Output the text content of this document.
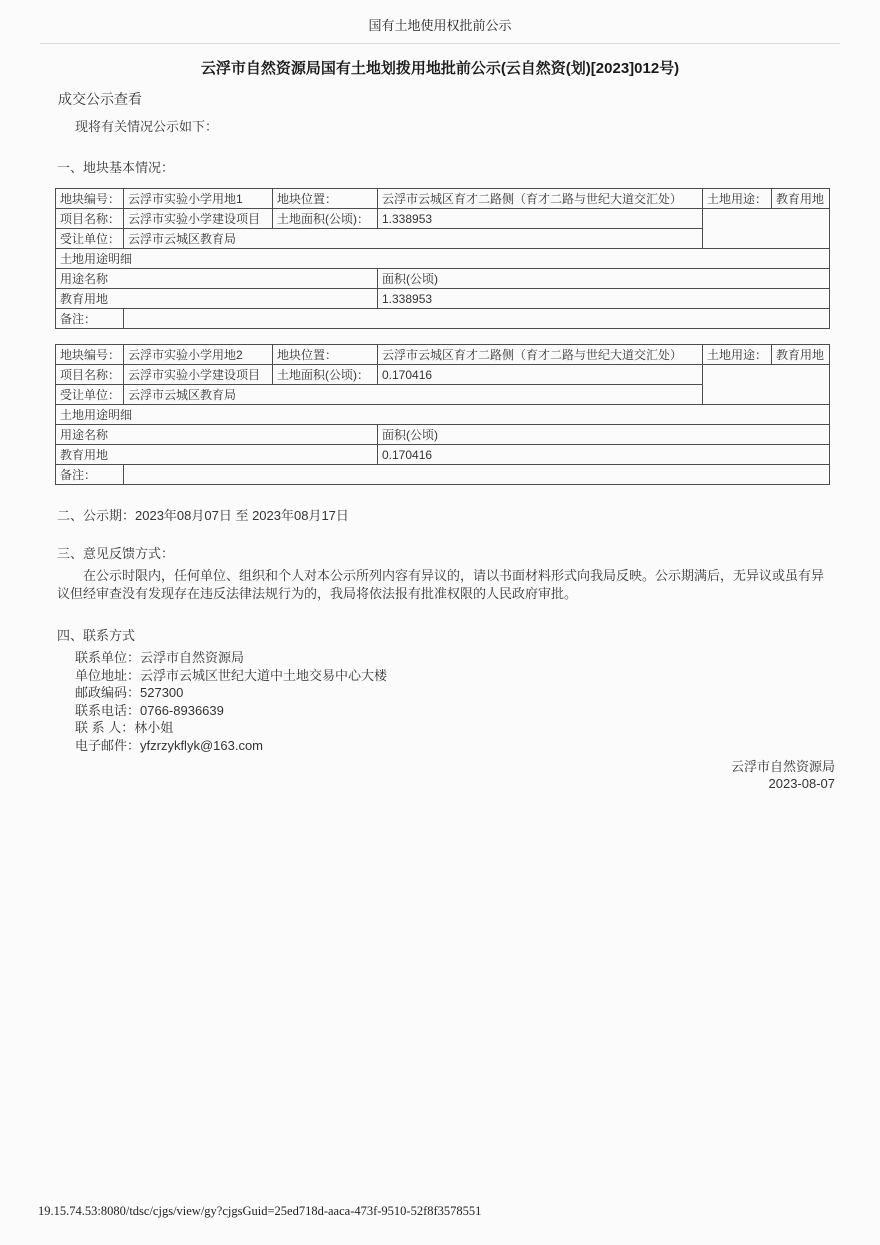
国有土地使用权批前公示
云浮市自然资源局国有土地划拨用地批前公示(云自然资(划)[2023]012号)
成交公示查看
现将有关情况公示如下：
一、地块基本情况：
地块编号：	云浮市实验小学用地1	地块位置：	云浮市云城区育才二路侧（育才二路与世纪大道交汇处）	土地用途：	教育用地
项目名称：	云浮市实验小学建设项目	土地面积(公顷)：	1.338953		
受让单位：	云浮市云城区教育局				
土地用途明细					
用途名称			面积(公顷)		
教育用地			1.338953		
备注：					
地块编号：	云浮市实验小学用地2	地块位置：	云浮市云城区育才二路侧（育才二路与世纪大道交汇处）	土地用途：	教育用地
项目名称：	云浮市实验小学建设项目	土地面积(公顷)：	0.170416		
受让单位：	云浮市云城区教育局				
土地用途明细					
用途名称			面积(公顷)		
教育用地			0.170416		
备注：					
二、公示期：2023年08月07日 至 2023年08月17日
三、意见反馈方式：
在公示时限内，任何单位、组织和个人对本公示所列内容有异议的，请以书面材料形式向我局反映。公示期满后，无异议或虽有异议但经审查没有发现存在违反法律法规行为的，我局将依法报有批准权限的人民政府审批。
四、联系方式
联系单位：云浮市自然资源局
单位地址：云浮市云城区世纪大道中土地交易中心大楼
邮政编码：527300
联系电话：0766-8936639
联 系 人：林小姐
电子邮件：yfzrzykflyk@163.com
云浮市自然资源局
2023-08-07
19.15.74.53:8080/tdsc/cjgs/view/gy?cjgsGuid=25ed718d-aaca-473f-9510-52f8f3578551
